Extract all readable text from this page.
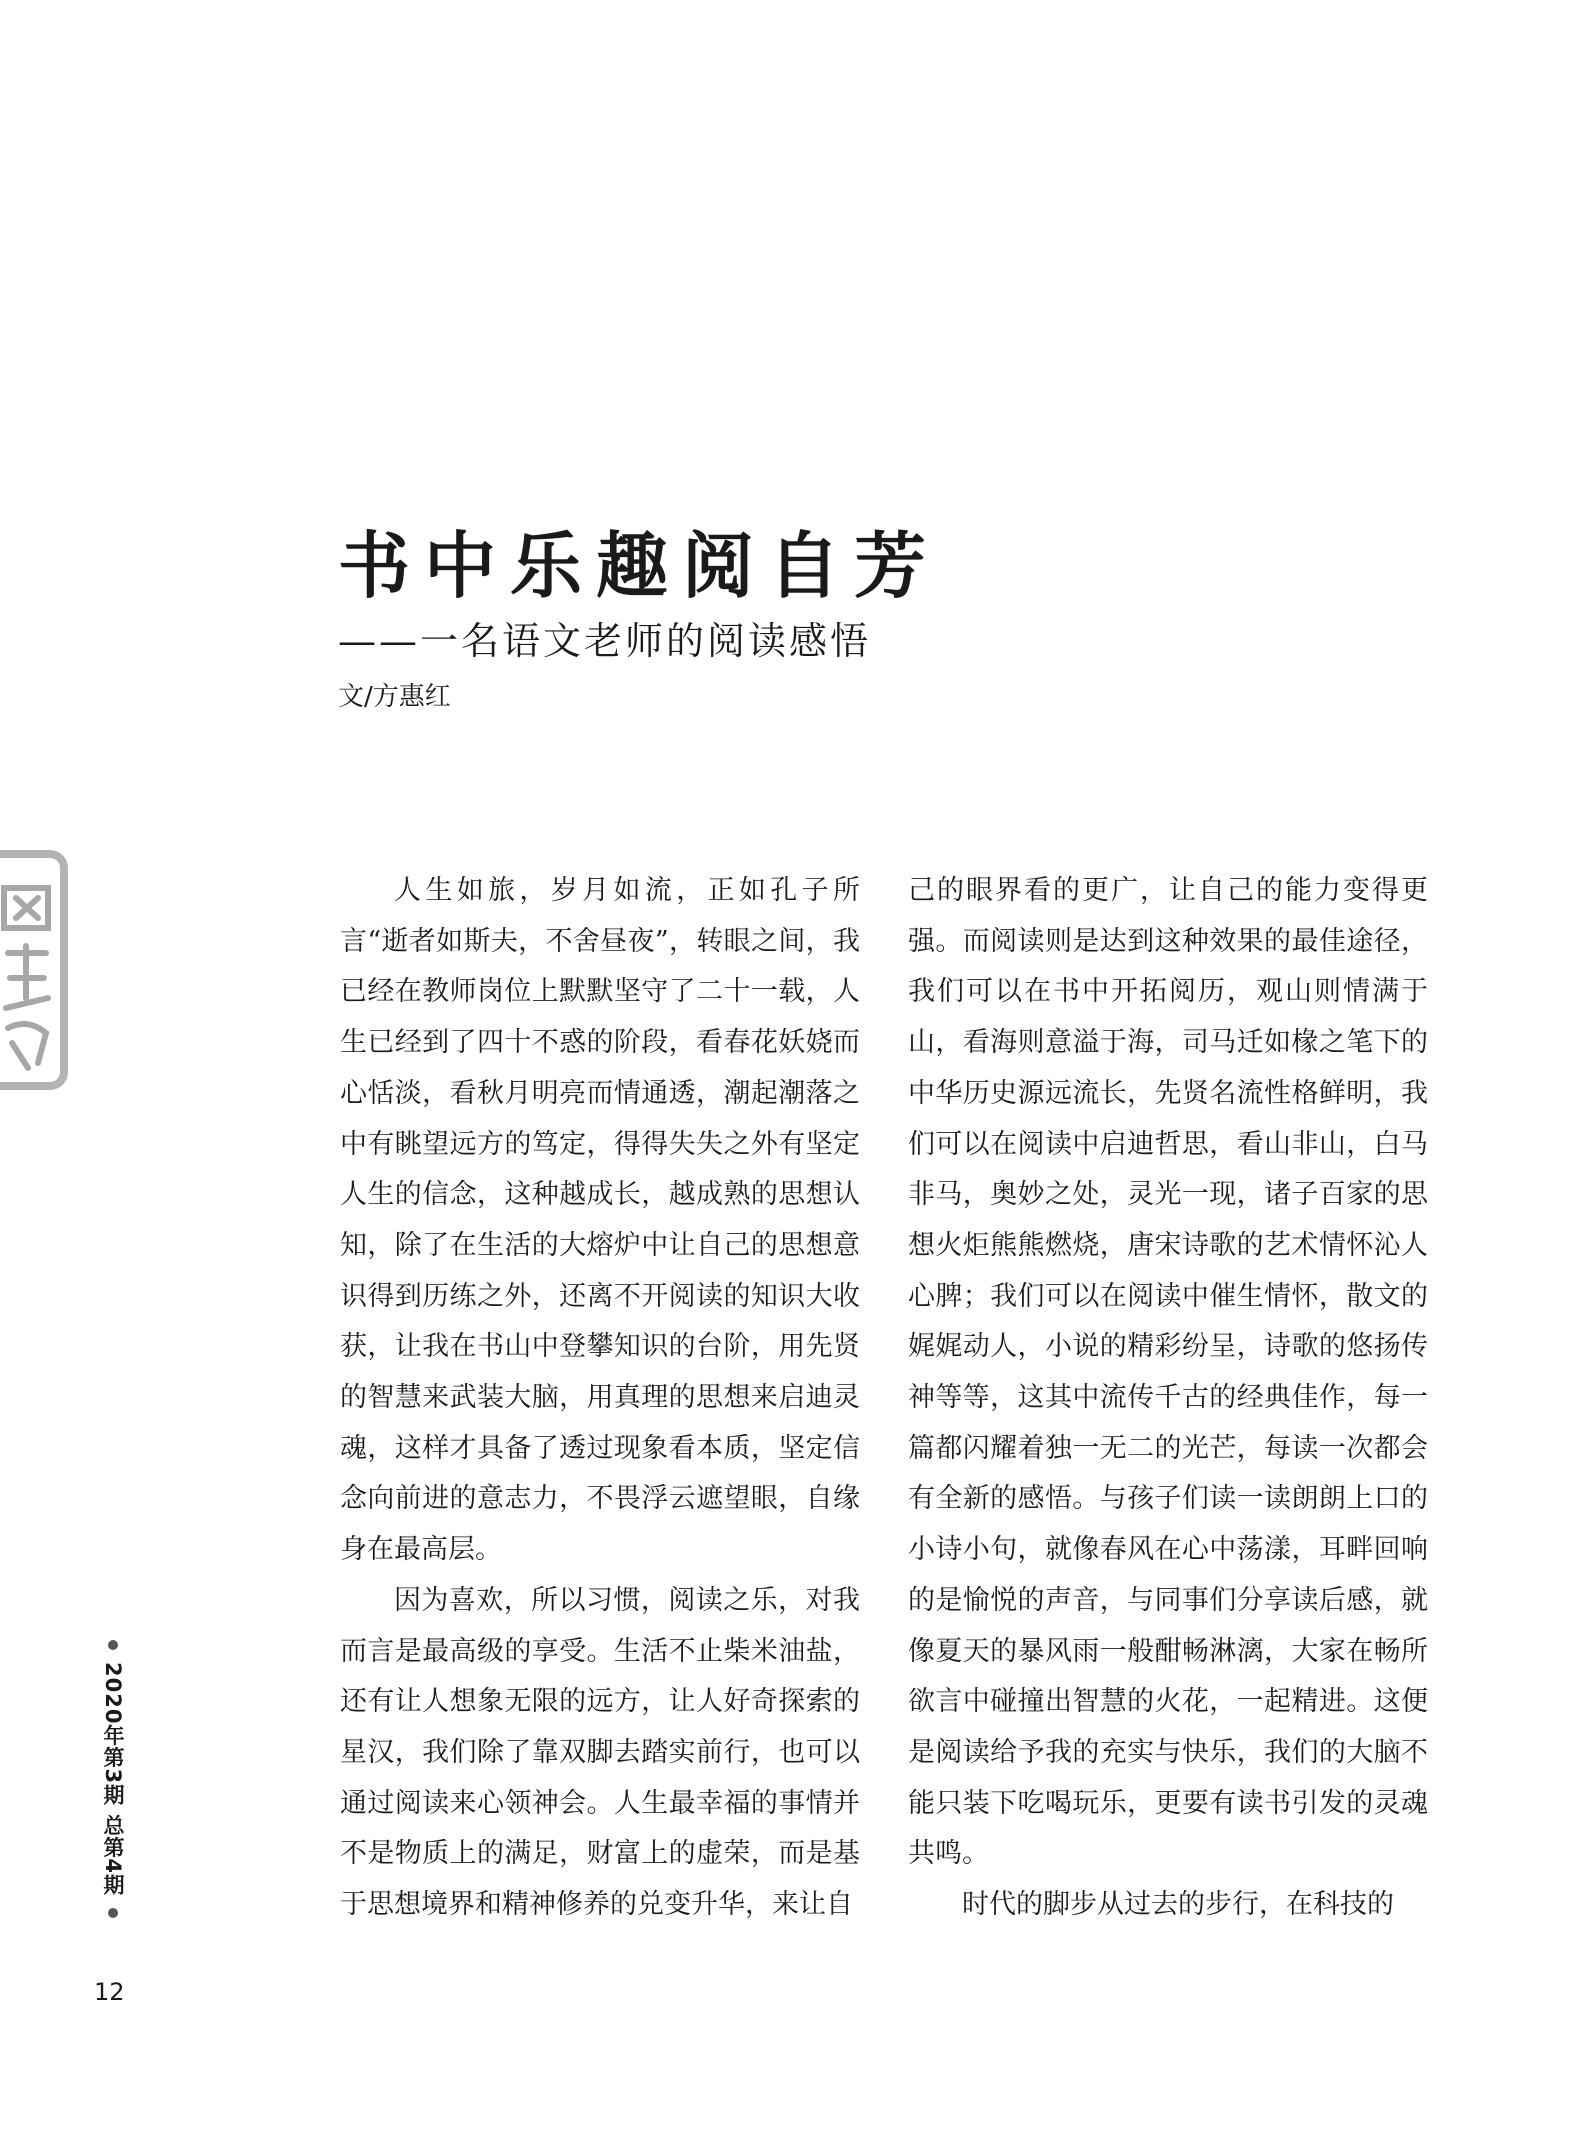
书中乐趣阅自芳
——一名语文老师的阅读感悟
文/方惠红

人生如旅，岁月如流，正如孔子所言“逝者如斯夫，不舍昼夜”，转眼之间，我已经在教师岗位上默默坚守了二十一载，人生已经到了四十不惑的阶段，看春花妖娆而心恬淡，看秋月明亮而情通透，潮起潮落之中有眺望远方的笃定，得得失失之外有坚定人生的信念，这种越成长，越成熟的思想认知，除了在生活的大熔炉中让自己的思想意识得到历练之外，还离不开阅读的知识大收获，让我在书山中登攀知识的台阶，用先贤的智慧来武装大脑，用真理的思想来启迪灵魂，这样才具备了透过现象看本质，坚定信念向前进的意志力，不畏浮云遮望眼，自缘身在最高层。

因为喜欢，所以习惯，阅读之乐，对我而言是最高级的享受。生活不止柴米油盐，还有让人想象无限的远方，让人好奇探索的星汉，我们除了靠双脚去踏实前行，也可以通过阅读来心领神会。人生最幸福的事情并不是物质上的满足，财富上的虚荣，而是基于思想境界和精神修养的兑变升华，来让自

己的眼界看的更广，让自己的能力变得更强。而阅读则是达到这种效果的最佳途径，我们可以在书中开拓阅历，观山则情满于山，看海则意溢于海，司马迁如椽之笔下的中华历史源远流长，先贤名流性格鲜明，我们可以在阅读中启迪哲思，看山非山，白马非马，奥妙之处，灵光一现，诸子百家的思想火炬熊熊燃烧，唐宋诗歌的艺术情怀沁人心脾；我们可以在阅读中催生情怀，散文的娓娓动人，小说的精彩纷呈，诗歌的悠扬传神等等，这其中流传千古的经典佳作，每一篇都闪耀着独一无二的光芒，每读一次都会有全新的感悟。与孩子们读一读朗朗上口的小诗小句，就像春风在心中荡漾，耳畔回响的是愉悦的声音，与同事们分享读后感，就像夏天的暴风雨一般酣畅淋漓，大家在畅所欲言中碰撞出智慧的火花，一起精进。这便是阅读给予我的充实与快乐，我们的大脑不能只装下吃喝玩乐，更要有读书引发的灵魂共鸣。

时代的脚步从过去的步行，在科技的

2020年第3期 总第4期
12
